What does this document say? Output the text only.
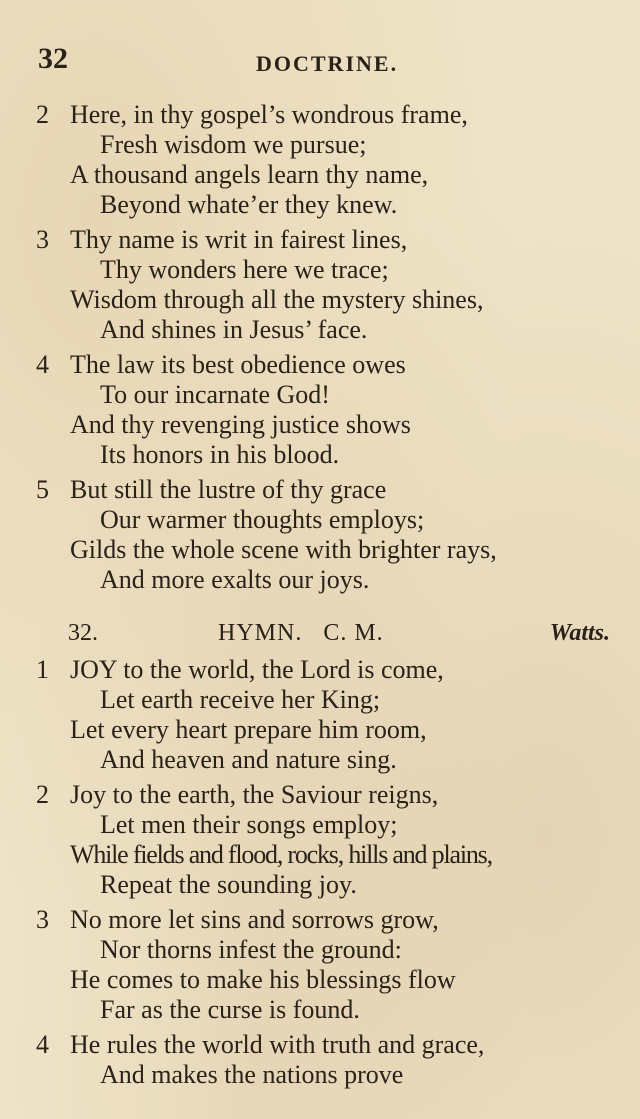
32	DOCTRINE.
2 Here, in thy gospel’s wondrous frame,
Fresh wisdom we pursue;
A thousand angels learn thy name,
Beyond whate’er they knew.
3 Thy name is writ in fairest lines,
Thy wonders here we trace;
Wisdom through all the mystery shines,
And shines in Jesus’ face.
4 The law its best obedience owes
To our incarnate God!
And thy revenging justice shows
Its honors in his blood.
5 But still the lustre of thy grace
Our warmer thoughts employs;
Gilds the whole scene with brighter rays,
And more exalts our joys.
32.	HYMN.   C. M.	Watts.
1 JOY to the world, the Lord is come,
Let earth receive her King;
Let every heart prepare him room,
And heaven and nature sing.
2 Joy to the earth, the Saviour reigns,
Let men their songs employ;
While fields and flood, rocks, hills and plains,
Repeat the sounding joy.
3 No more let sins and sorrows grow,
Nor thorns infest the ground:
He comes to make his blessings flow
Far as the curse is found.
4 He rules the world with truth and grace,
And makes the nations prove
